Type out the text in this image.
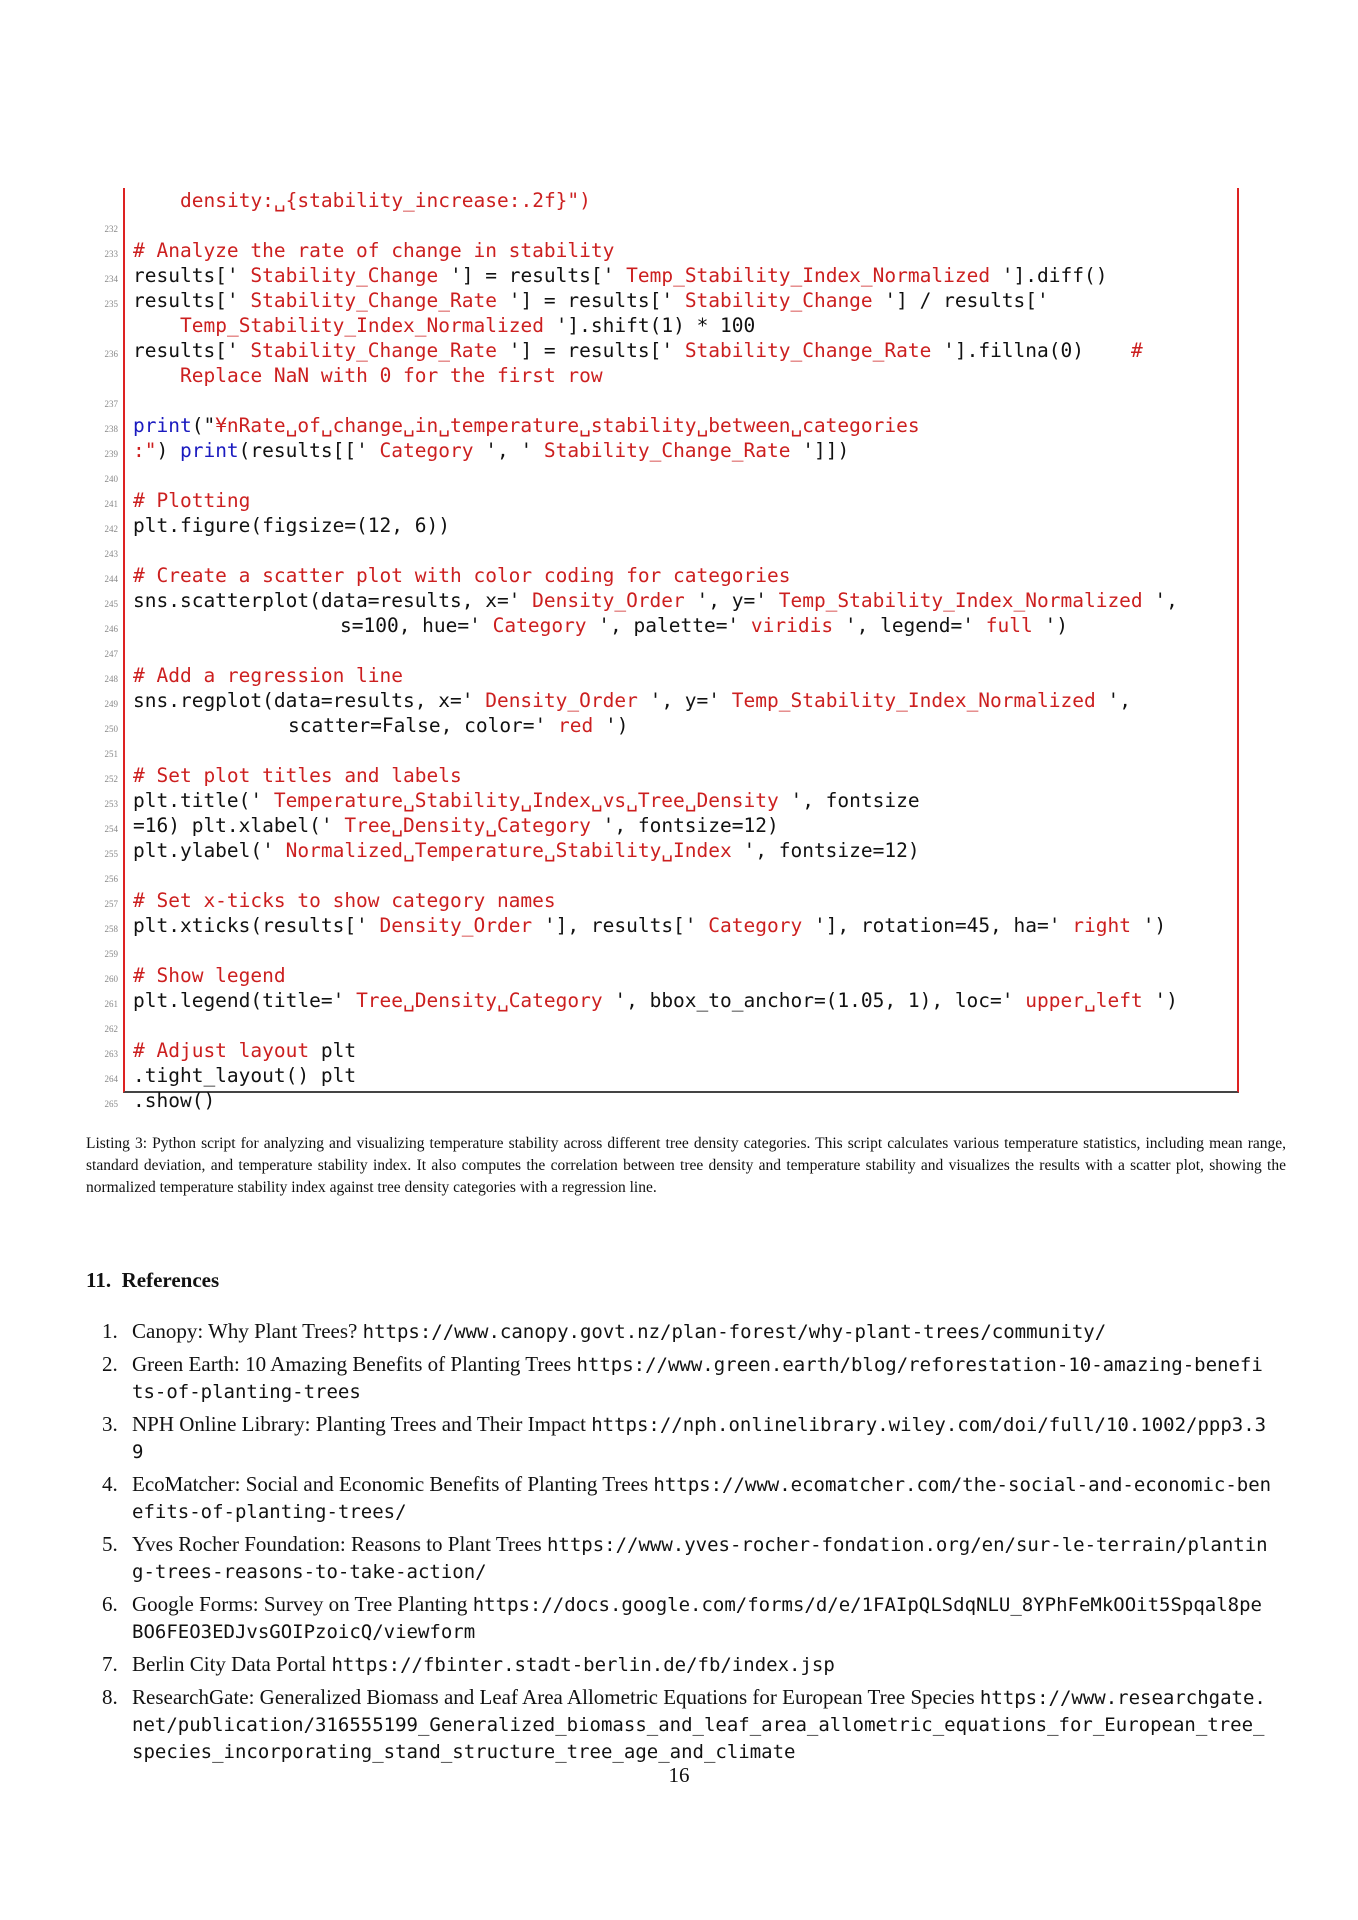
density:␣{stability_increase:.2f}")
232
233 # Analyze the rate of change in stability
234 results[' Stability_Change '] = results[' Temp_Stability_Index_Normalized '].diff()
235 results[' Stability_Change_Rate '] = results[' Stability_Change '] / results['
Temp_Stability_Index_Normalized '].shift(1) * 100
236 results[' Stability_Change_Rate '] = results[' Stability_Change_Rate '].fillna(0)    #
Replace NaN with 0 for the first row
237
238 print("¥nRate␣of␣change␣in␣temperature␣stability␣between␣categories
239 :") print(results[[' Category ', ' Stability_Change_Rate ']])
240
241 # Plotting
242 plt.figure(figsize=(12, 6))
243
244 # Create a scatter plot with color coding for categories
245 sns.scatterplot(data=results, x=' Density_Order ', y=' Temp_Stability_Index_Normalized ',
246	s=100, hue=' Category ', palette=' viridis ', legend=' full ')
247
248 # Add a regression line
249 sns.regplot(data=results, x=' Density_Order ', y=' Temp_Stability_Index_Normalized ',
250	scatter=False, color=' red ')
251
252 # Set plot titles and labels
253 plt.title(' Temperature␣Stability␣Index␣vs␣Tree␣Density ', fontsize
254 =16) plt.xlabel(' Tree␣Density␣Category ', fontsize=12)
255 plt.ylabel(' Normalized␣Temperature␣Stability␣Index ', fontsize=12)
256
257 # Set x-ticks to show category names
258 plt.xticks(results[' Density_Order '], results[' Category '], rotation=45, ha=' right ')
259
260 # Show legend
261 plt.legend(title=' Tree␣Density␣Category ', bbox_to_anchor=(1.05, 1), loc=' upper␣left ')
262
263 # Adjust layout plt
264 .tight_layout() plt
265 .show()
Listing 3: Python script for analyzing and visualizing temperature stability across different tree density categories. This script calculates various temperature statistics, including mean range, standard deviation, and temperature stability index. It also computes the correlation between tree density and temperature stability and visualizes the results with a scatter plot, showing the normalized temperature stability index against tree density categories with a regression line.
11. References
1. Canopy: Why Plant Trees? https://www.canopy.govt.nz/plan-forest/why-plant-trees/community/
2. Green Earth: 10 Amazing Benefits of Planting Trees https://www.green.earth/blog/reforestation-10-amazing-benefits-of-planting-trees
3. NPH Online Library: Planting Trees and Their Impact https://nph.onlinelibrary.wiley.com/doi/full/10.1002/ppp3.39
4. EcoMatcher: Social and Economic Benefits of Planting Trees https://www.ecomatcher.com/the-social-and-economic-benefits-of-planting-trees/
5. Yves Rocher Foundation: Reasons to Plant Trees https://www.yves-rocher-fondation.org/en/sur-le-terrain/planting-trees-reasons-to-take-action/
6. Google Forms: Survey on Tree Planting https://docs.google.com/forms/d/e/1FAIpQLSdqNLU_8YPhFeMkOOit5Spqal8peBO6FEO3EDJvsGOIPzoicQ/viewform
7. Berlin City Data Portal https://fbinter.stadt-berlin.de/fb/index.jsp
8. ResearchGate: Generalized Biomass and Leaf Area Allometric Equations for European Tree Species https://www.researchgate.net/publication/316555199_Generalized_biomass_and_leaf_area_allometric_equations_for_European_tree_species_incorporating_stand_structure_tree_age_and_climate
16
